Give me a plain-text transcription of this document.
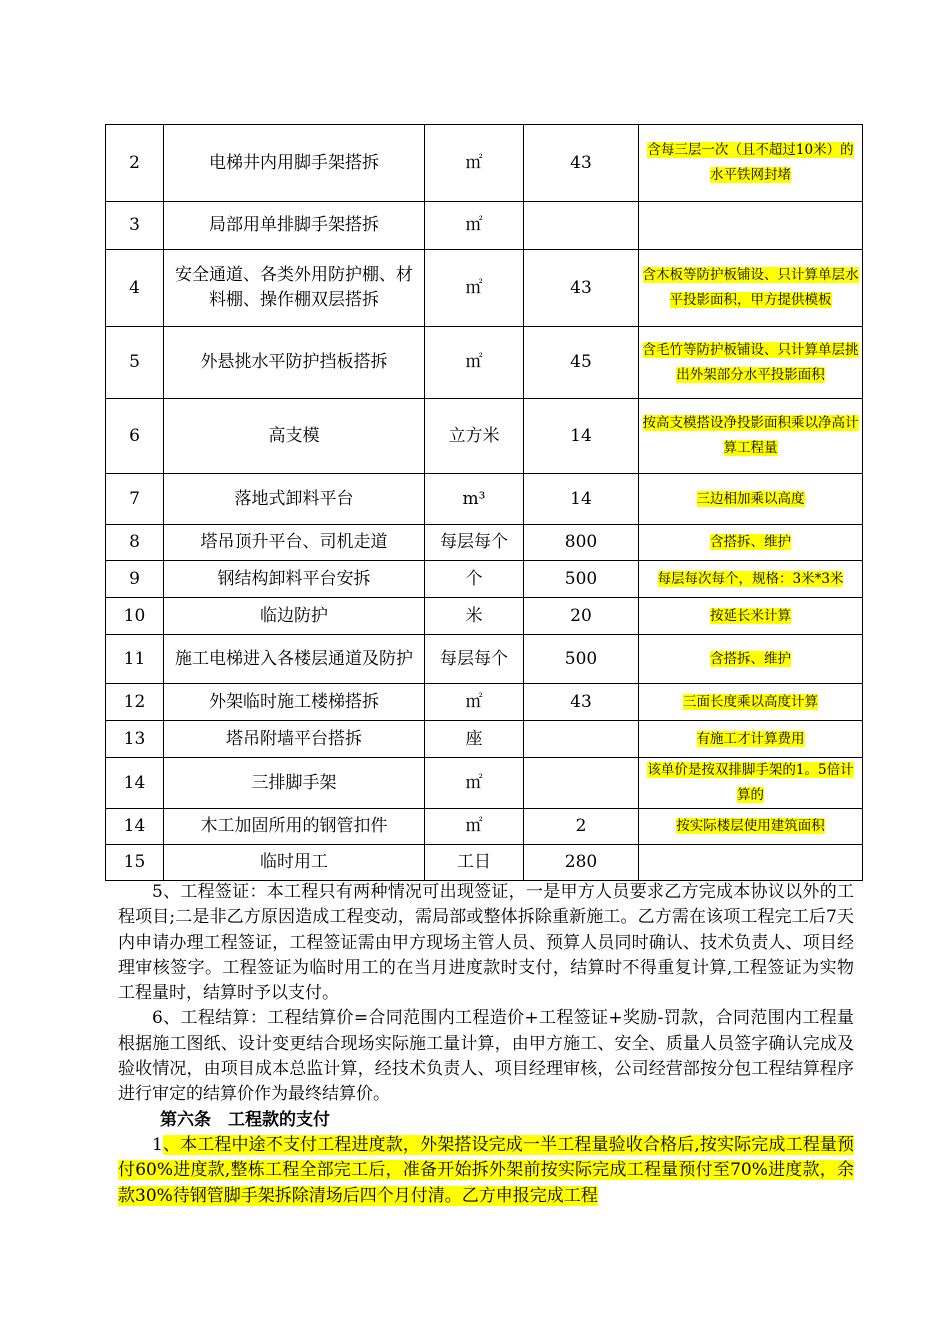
2	电梯井内用脚手架搭拆	㎡	43	含每三层一次（且不超过10米）的水平铁网封堵
3	局部用单排脚手架搭拆	㎡		
4	安全通道、各类外用防护棚、材料棚、操作棚双层搭拆	㎡	43	含木板等防护板铺设、只计算单层水平投影面积，甲方提供模板
5	外悬挑水平防护挡板搭拆	㎡	45	含毛竹等防护板铺设、只计算单层挑出外架部分水平投影面积
6	高支模	立方米	14	按高支模搭设净投影面积乘以净高计算工程量
7	落地式卸料平台	m³	14	三边相加乘以高度
8	塔吊顶升平台、司机走道	每层每个	800	含搭拆、维护
9	钢结构卸料平台安拆	个	500	每层每次每个，规格：3米*3米
10	临边防护	米	20	按延长米计算
11	施工电梯进入各楼层通道及防护	每层每个	500	含搭拆、维护
12	外架临时施工楼梯搭拆	㎡	43	三面长度乘以高度计算
13	塔吊附墙平台搭拆	座		有施工才计算费用
14	三排脚手架	㎡		该单价是按双排脚手架的1。5倍计算的
14	木工加固所用的钢管扣件	㎡	2	按实际楼层使用建筑面积
15	临时用工	工日	280	

5、工程签证：本工程只有两种情况可出现签证，一是甲方人员要求乙方完成本协议以外的工程项目;二是非乙方原因造成工程变动，需局部或整体拆除重新施工。乙方需在该项工程完工后7天内申请办理工程签证，工程签证需由甲方现场主管人员、预算人员同时确认、技术负责人、项目经理审核签字。工程签证为临时用工的在当月进度款时支付，结算时不得重复计算,工程签证为实物工程量时，结算时予以支付。

6、工程结算：工程结算价=合同范围内工程造价+工程签证+奖励-罚款，合同范围内工程量根据施工图纸、设计变更结合现场实际施工量计算，由甲方施工、安全、质量人员签字确认完成及验收情况，由项目成本总监计算，经技术负责人、项目经理审核，公司经营部按分包工程结算程序进行审定的结算价作为最终结算价。

第六条　工程款的支付

1、本工程中途不支付工程进度款，外架搭设完成一半工程量验收合格后,按实际完成工程量预付60%进度款,整栋工程全部完工后，准备开始拆外架前按实际完成工程量预付至70%进度款，余款30%待钢管脚手架拆除清场后四个月付清。乙方申报完成工程
